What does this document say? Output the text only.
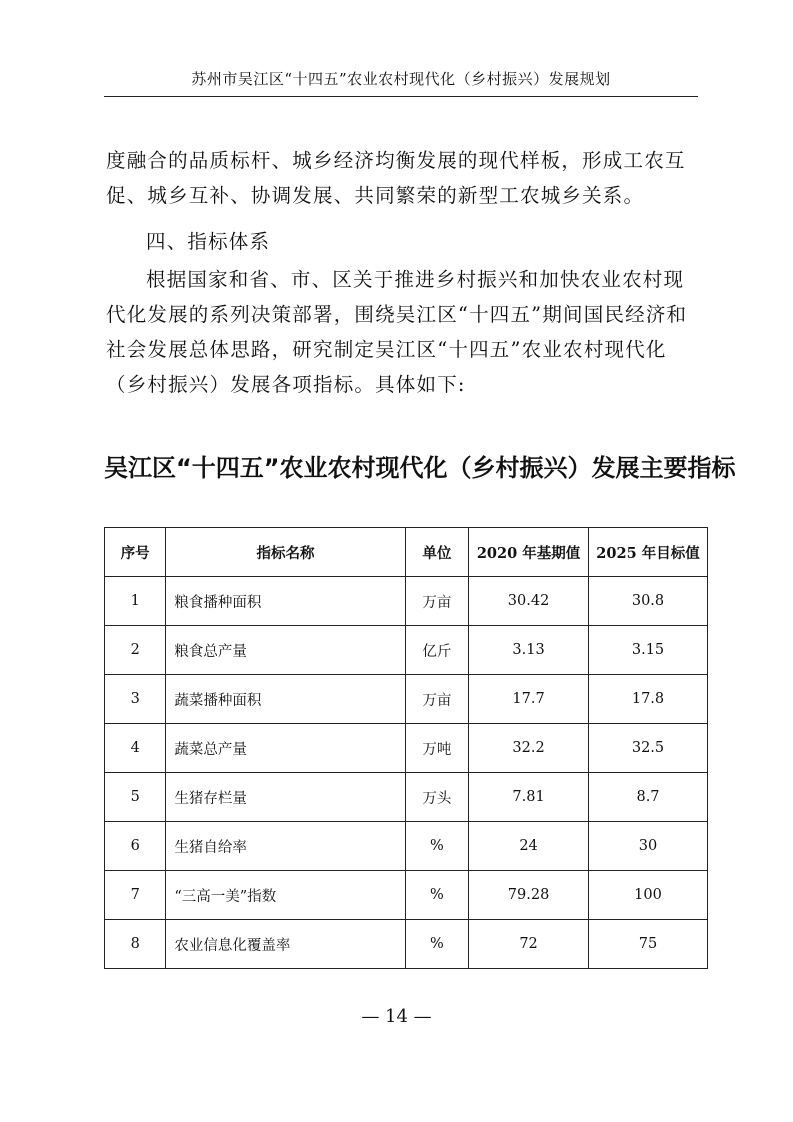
苏州市吴江区“十四五”农业农村现代化（乡村振兴）发展规划

度融合的品质标杆、城乡经济均衡发展的现代样板，形成工农互促、城乡互补、协调发展、共同繁荣的新型工农城乡关系。

四、指标体系

根据国家和省、市、区关于推进乡村振兴和加快农业农村现代化发展的系列决策部署，围绕吴江区“十四五”期间国民经济和社会发展总体思路，研究制定吴江区“十四五”农业农村现代化（乡村振兴）发展各项指标。具体如下:

吴江区“十四五”农业农村现代化（乡村振兴）发展主要指标
序号	指标名称	单位	2020 年基期值	2025 年目标值
1	粮食播种面积	万亩	30.42	30.8
2	粮食总产量	亿斤	3.13	3.15
3	蔬菜播种面积	万亩	17.7	17.8
4	蔬菜总产量	万吨	32.2	32.5
5	生猪存栏量	万头	7.81	8.7
6	生猪自给率	%	24	30
7	“三高一美”指数	%	79.28	100
8	农业信息化覆盖率	%	72	75
— 14 —
